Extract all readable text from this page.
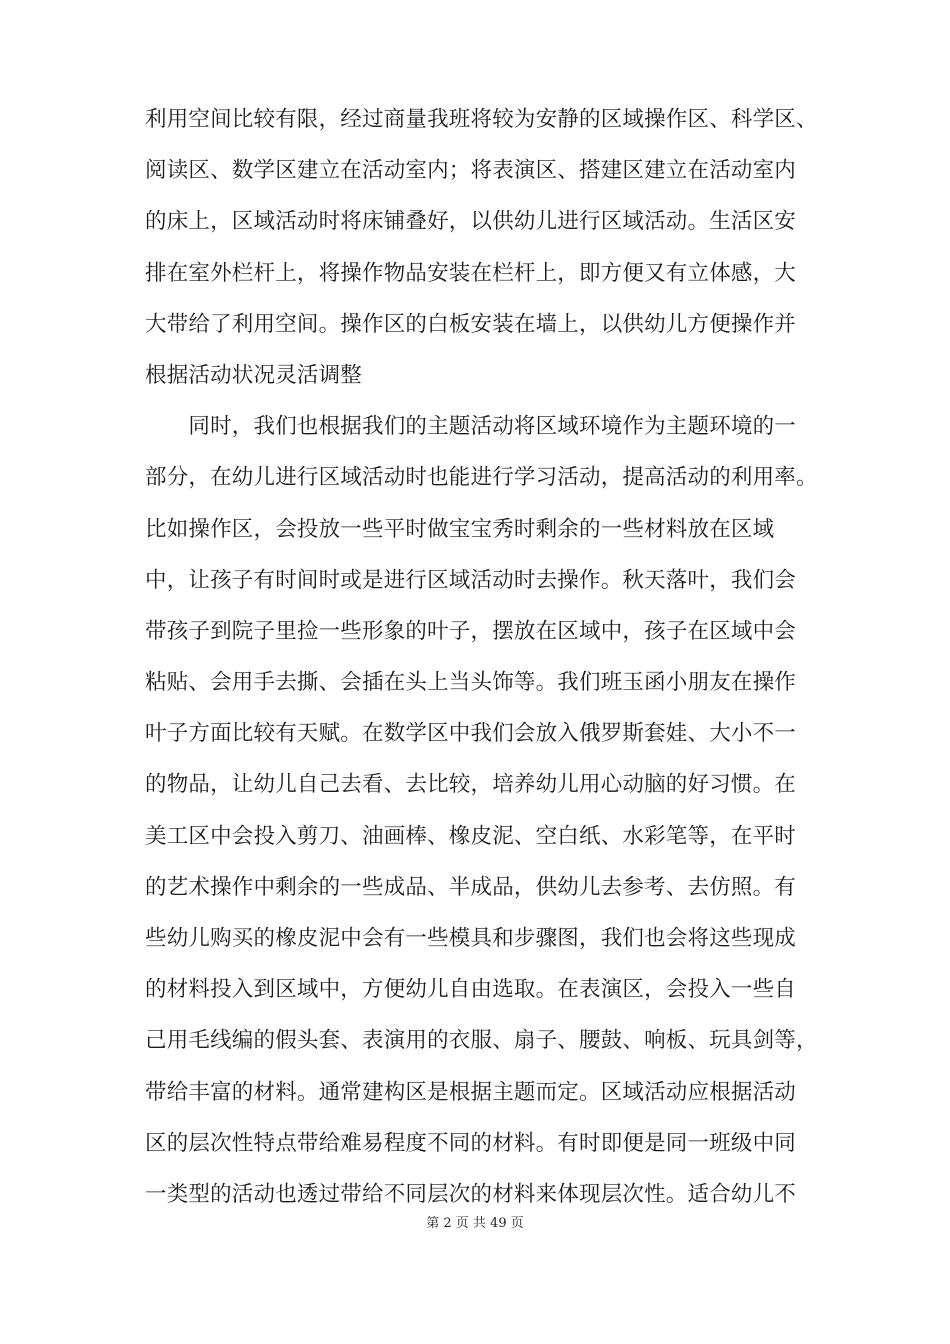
利用空间比较有限，经过商量我班将较为安静的区域操作区、科学区、
阅读区、数学区建立在活动室内；将表演区、搭建区建立在活动室内
的床上，区域活动时将床铺叠好，以供幼儿进行区域活动。生活区安
排在室外栏杆上，将操作物品安装在栏杆上，即方便又有立体感，大
大带给了利用空间。操作区的白板安装在墙上，以供幼儿方便操作并
根据活动状况灵活调整
　　同时，我们也根据我们的主题活动将区域环境作为主题环境的一
部分，在幼儿进行区域活动时也能进行学习活动，提高活动的利用率。
比如操作区，会投放一些平时做宝宝秀时剩余的一些材料放在区域
中，让孩子有时间时或是进行区域活动时去操作。秋天落叶，我们会
带孩子到院子里捡一些形象的叶子，摆放在区域中，孩子在区域中会
粘贴、会用手去撕、会插在头上当头饰等。我们班玉函小朋友在操作
叶子方面比较有天赋。在数学区中我们会放入俄罗斯套娃、大小不一
的物品，让幼儿自己去看、去比较，培养幼儿用心动脑的好习惯。在
美工区中会投入剪刀、油画棒、橡皮泥、空白纸、水彩笔等，在平时
的艺术操作中剩余的一些成品、半成品，供幼儿去参考、去仿照。有
些幼儿购买的橡皮泥中会有一些模具和步骤图，我们也会将这些现成
的材料投入到区域中，方便幼儿自由选取。在表演区，会投入一些自
己用毛线编的假头套、表演用的衣服、扇子、腰鼓、响板、玩具剑等，
带给丰富的材料。通常建构区是根据主题而定。区域活动应根据活动
区的层次性特点带给难易程度不同的材料。有时即便是同一班级中同
一类型的活动也透过带给不同层次的材料来体现层次性。适合幼儿不
第 2 页 共 49 页
